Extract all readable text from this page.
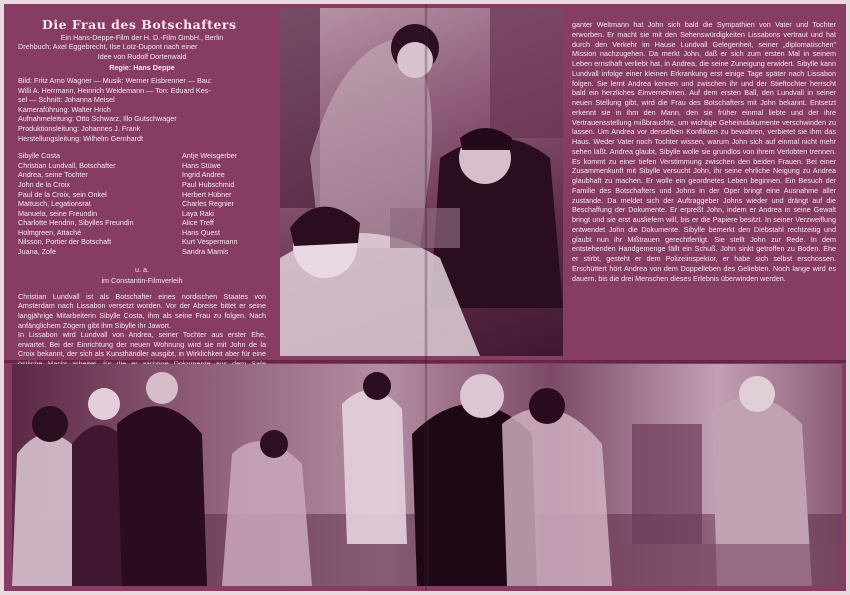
Die Frau des Botschafters
Ein Hans-Deppe-Film der H. D.-Film GmbH., Berlin
Drehbuch: Axel Eggebrecht, Ilse Lotz-Dupont nach einer
Idee von Rudolf Dortenwald
Regie: Hans Deppe
Bild: Fritz Arno Wagner — Musik: Werner Eisbrenner — Bau:
Willi A. Herrmann, Heinrich Weidemann — Ton: Eduard Kes-
sel — Schnitt: Johanna Meisel
Kameraführung: Walter Hrich
Aufnahmeleitung: Otto Schwarz, Illo Gutschwager
Produktionsleitung: Johannes J. Frank
Herstellungsleitung: Wilhelm Gernhardt
Sibylle Costa	Antje Weisgerber
Christian Lundvall, Botschafter	Hans Stüwe
Andrea, seine Tochter	Ingrid Andree
John de la Croix	Paul Hubschmid
Paul de la Croix, sein Onkel	Herbert Hübner
Mattusch, Legationsrat	Charles Regnier
Manuela, seine Freundin	Laya Raki
Charlotte Hendrin, Sibylles Freundin	Alice Treff
Holmgreen, Attaché	Hans Quest
Nilsson, Portier der Botschaft	Kurt Vespermann
Juana, Zofe	Sandra Mamis
u. a.
im Constantin-Filmverleih

Christian Lundvall ist als Botschafter eines nordischen Staates von Amsterdam nach Lissabon versetzt worden. Vor der Abreise bittet er seine langjährige Mitarbeiterin Sibylle Costa, ihm als seine Frau zu folgen. Nach anfänglichem Zögern gibt ihm Sibylle ihr Jawort.

In Lissabon wird Lundvall von Andrea, seiner Tochter aus erster Ehe, erwartet. Bei der Einrichtung der neuen Wohnung wird sie mit John de la Croix bekannt, der sich als Kunsthändler ausgibt, in Wirklichkeit aber für eine

ganter Weltmann hat John sich bald die Sympathien von Vater und Tochter erworben. Er macht sie mit den Sehenswürdigkeiten Lissabons vertraut und hat durch den Verkehr im Hause Lundvall Gelegenheit, seiner „diplomatischen" Mission nachzugehen. Da merkt John, daß er sich zum ersten Mal in seinem Leben ernsthaft verliebt hat, in Andrea, die seine Zuneigung erwidert. Sibylle kann Lundvall infolge einer kleinen Erkrankung erst einige Tage später nach Lissabon folgen. Sie lernt Andrea kennen und zwischen ihr und der Stieftochter herrscht bald ein herzliches Einvernehmen. Auf dem ersten Ball, den Lundvall in seiner neuen Stellung gibt, wird die Frau des Botschafters mit John bekannt. Entsetzt erkennt sie in ihm den Mann, den sie früher einmal liebte und der ihre Vertrauensstellung mißbrauchte, um wichtige Geheimdokumente verschwinden zu lassen. Um Andrea vor denselben Konflikten zu bewahren, verbietet sie ihm das Haus. Weder Vater noch Tochter wissen, warum John sich auf einmal nicht mehr sehen läßt. Andrea glaubt, Sibylle wolle sie grundlos von ihrem Verlobten trennen. Es kommt zu einer tiefen Verstimmung zwischen den beiden Frauen. Bei einer Zusammenkunft mit Sibylle versucht John, ihr seine ehrliche Neigung zu Andrea glaubhaft zu machen. Er wolle ein geordnetes Leben beginnen. Ein Besuch der Familie des Botschafters und Johns in der Oper bringt eine Ausnahme aller zustande. Da meldet sich der Auftraggeber Johns wieder und drängt auf die Beschaffung der Dokumente. Er erpreßt John, indem er Andrea in seine Gewalt bringt und sie erst ausliefern will, bis er die Papiere besitzt. In seiner Verzweiflung entwendet John die Dokumente. Sibylle bemerkt den Diebstahl rechtzeitig und glaubt nun ihr Mißtrauen gerechtfertigt. Sie stellt John zur Rede. In dem entstehenden Handgemenge fällt ein Schuß. John sinkt getroffen zu Boden. Ehe er stirbt, gesteht er dem Polizeiinspektor, er habe sich selbst erschossen. Erschüttert hört Andrea von dem Doppelleben des Geliebten. Noch lange wird es dauern, bis die drei Menschen dieses Erlebnis überwinden werden.
